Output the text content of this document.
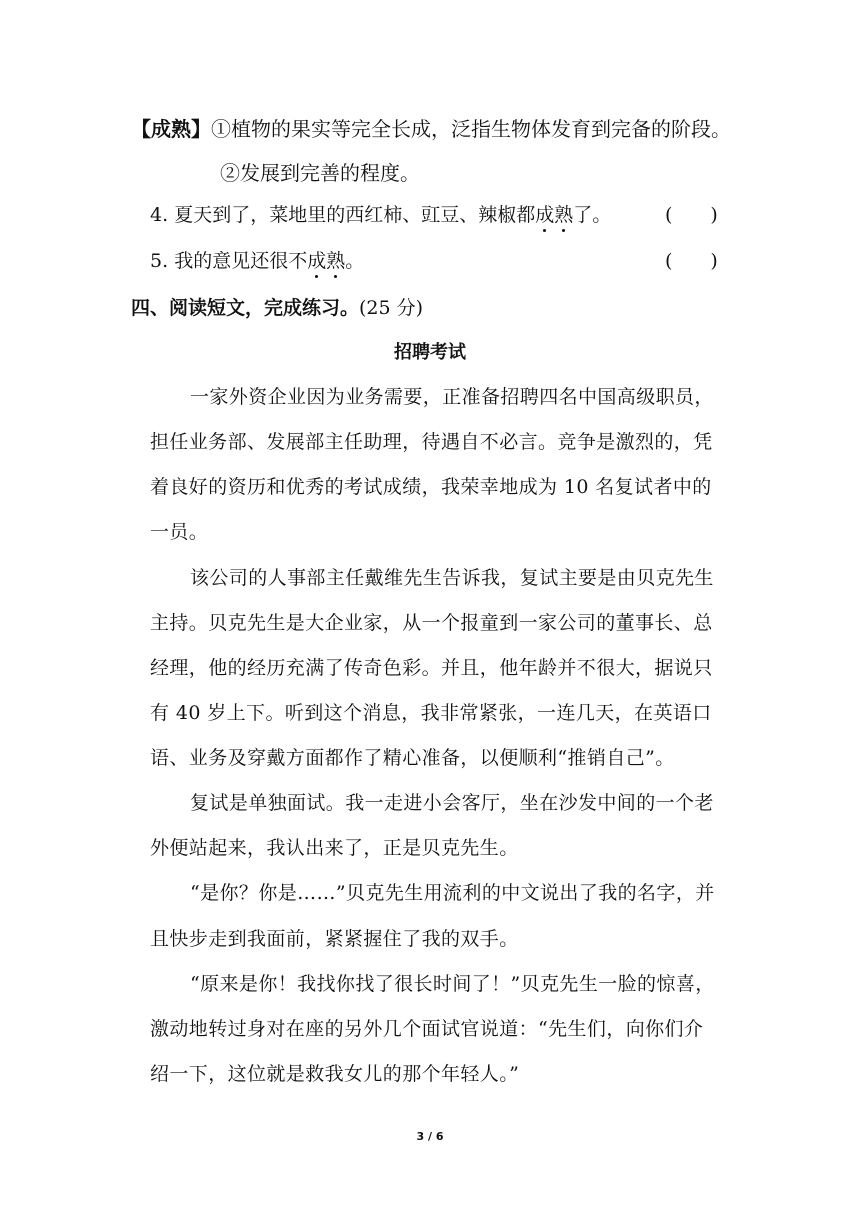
【成熟】①植物的果实等完全长成，泛指生物体发育到完备的阶段。
②发展到完善的程度。
4. 夏天到了，菜地里的西红柿、豇豆、辣椒都成熟了。	(　　)
5. 我的意见还很不成熟。	(　　)
四、阅读短文，完成练习。(25 分)
招聘考试
一家外资企业因为业务需要，正准备招聘四名中国高级职员，
担任业务部、发展部主任助理，待遇自不必言。竞争是激烈的，凭
着良好的资历和优秀的考试成绩，我荣幸地成为 10 名复试者中的
一员。
该公司的人事部主任戴维先生告诉我，复试主要是由贝克先生
主持。贝克先生是大企业家，从一个报童到一家公司的董事长、总
经理，他的经历充满了传奇色彩。并且，他年龄并不很大，据说只
有 40 岁上下。听到这个消息，我非常紧张，一连几天，在英语口
语、业务及穿戴方面都作了精心准备，以便顺利“推销自己”。
复试是单独面试。我一走进小会客厅，坐在沙发中间的一个老
外便站起来，我认出来了，正是贝克先生。
“是你？你是……”贝克先生用流利的中文说出了我的名字，并
且快步走到我面前，紧紧握住了我的双手。
“原来是你！我找你找了很长时间了！”贝克先生一脸的惊喜，
激动地转过身对在座的另外几个面试官说道：“先生们，向你们介
绍一下，这位就是救我女儿的那个年轻人。”
3 / 6
